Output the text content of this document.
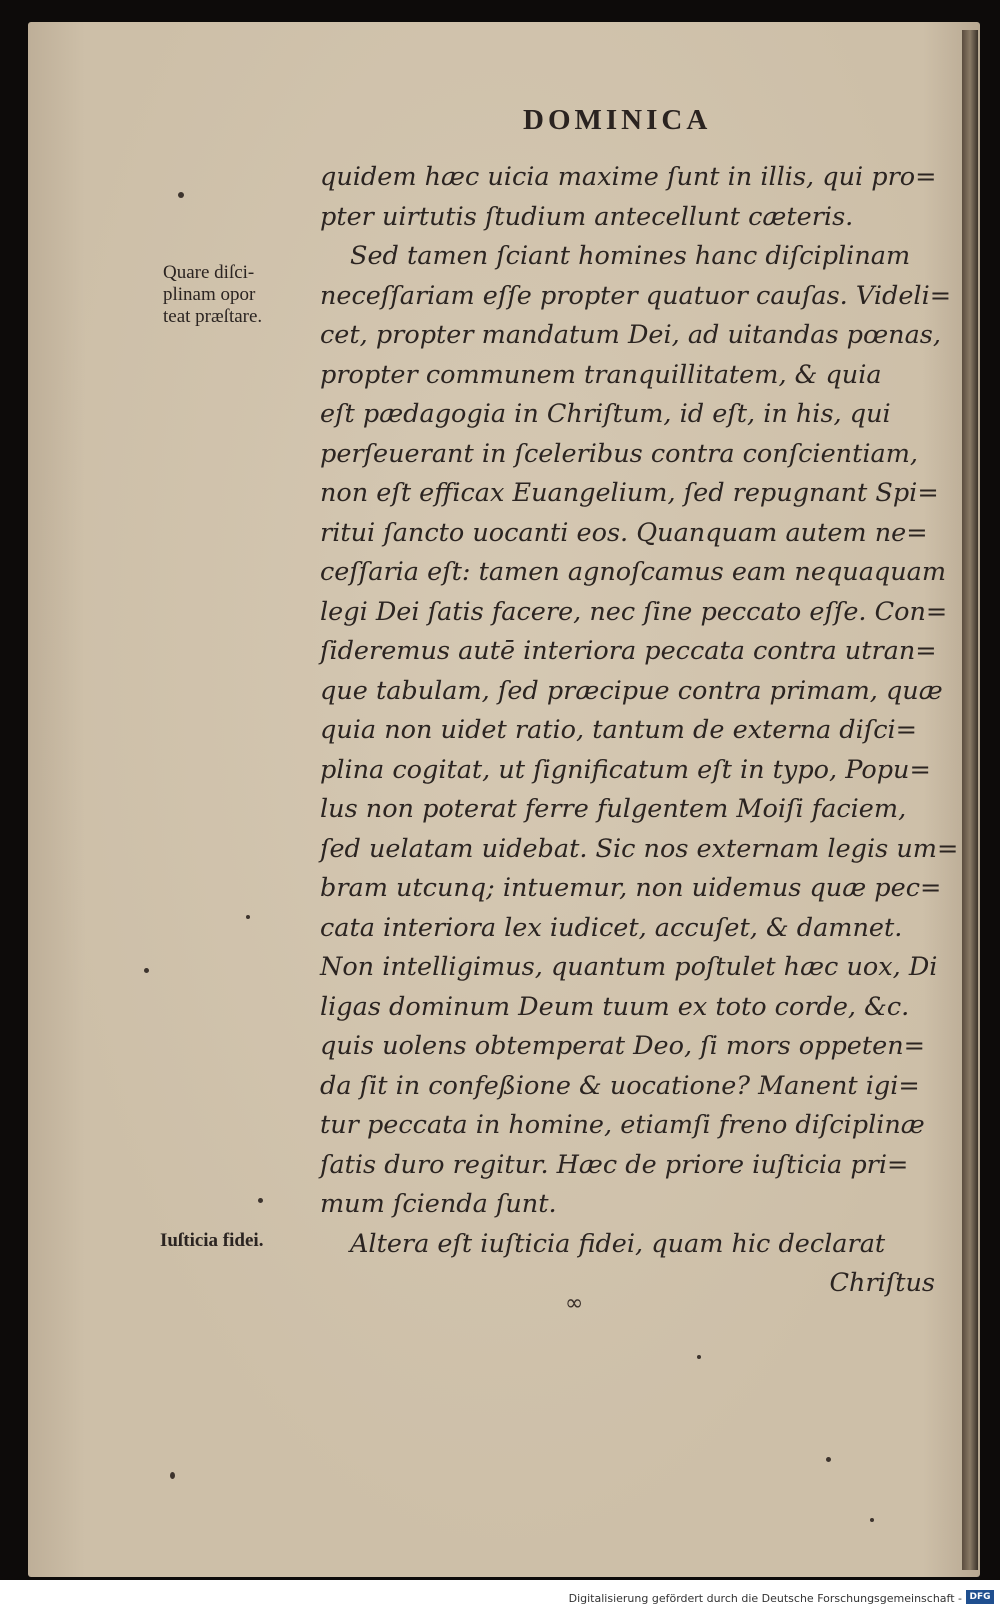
DOMINICA
quidem hæc uicia maxime ſunt in illis, qui pro=
pter uirtutis ſtudium antecellunt cæteris.
Sed tamen ſciant homines hanc diſciplinam
neceſſariam eſſe propter quatuor cauſas. Videli=
cet, propter mandatum Dei, ad uitandas pœnas,
propter communem tranquillitatem, & quia
eſt pædagogia in Chriſtum, id eſt, in his, qui
perſeuerant in ſceleribus contra conſcientiam,
non eſt efficax Euangelium, ſed repugnant Spi=
ritui ſancto uocanti eos. Quanquam autem ne=
ceſſaria eſt: tamen agnoſcamus eam nequaquam
legi Dei ſatis facere, nec ſine peccato eſſe. Con=
ſideremus autē interiora peccata contra utran=
que tabulam, ſed præcipue contra primam, quæ
quia non uidet ratio, tantum de externa diſci=
plina cogitat, ut ſignificatum eſt in typo, Popu=
lus non poterat ferre fulgentem Moiſi faciem,
ſed uelatam uidebat. Sic nos externam legis um=
bram utcunq; intuemur, non uidemus quæ pec=
cata interiora lex iudicet, accuſet, & damnet.
Non intelligimus, quantum poſtulet hæc uox, Di
ligas dominum Deum tuum ex toto corde, &c.
quis uolens obtemperat Deo, ſi mors oppeten=
da ſit in confeßione & uocatione? Manent igi=
tur peccata in homine, etiamſi freno diſciplinæ
ſatis duro regitur. Hæc de priore iuſticia pri=
mum ſcienda ſunt.
Altera eſt iuſticia fidei, quam hic declarat
Chriſtus
Quare diſci-
plinam opor
teat præſtare.
Iuſticia fidei.
∞
Digitalisierung gefördert durch die Deutsche Forschungsgemeinschaft - DFG
